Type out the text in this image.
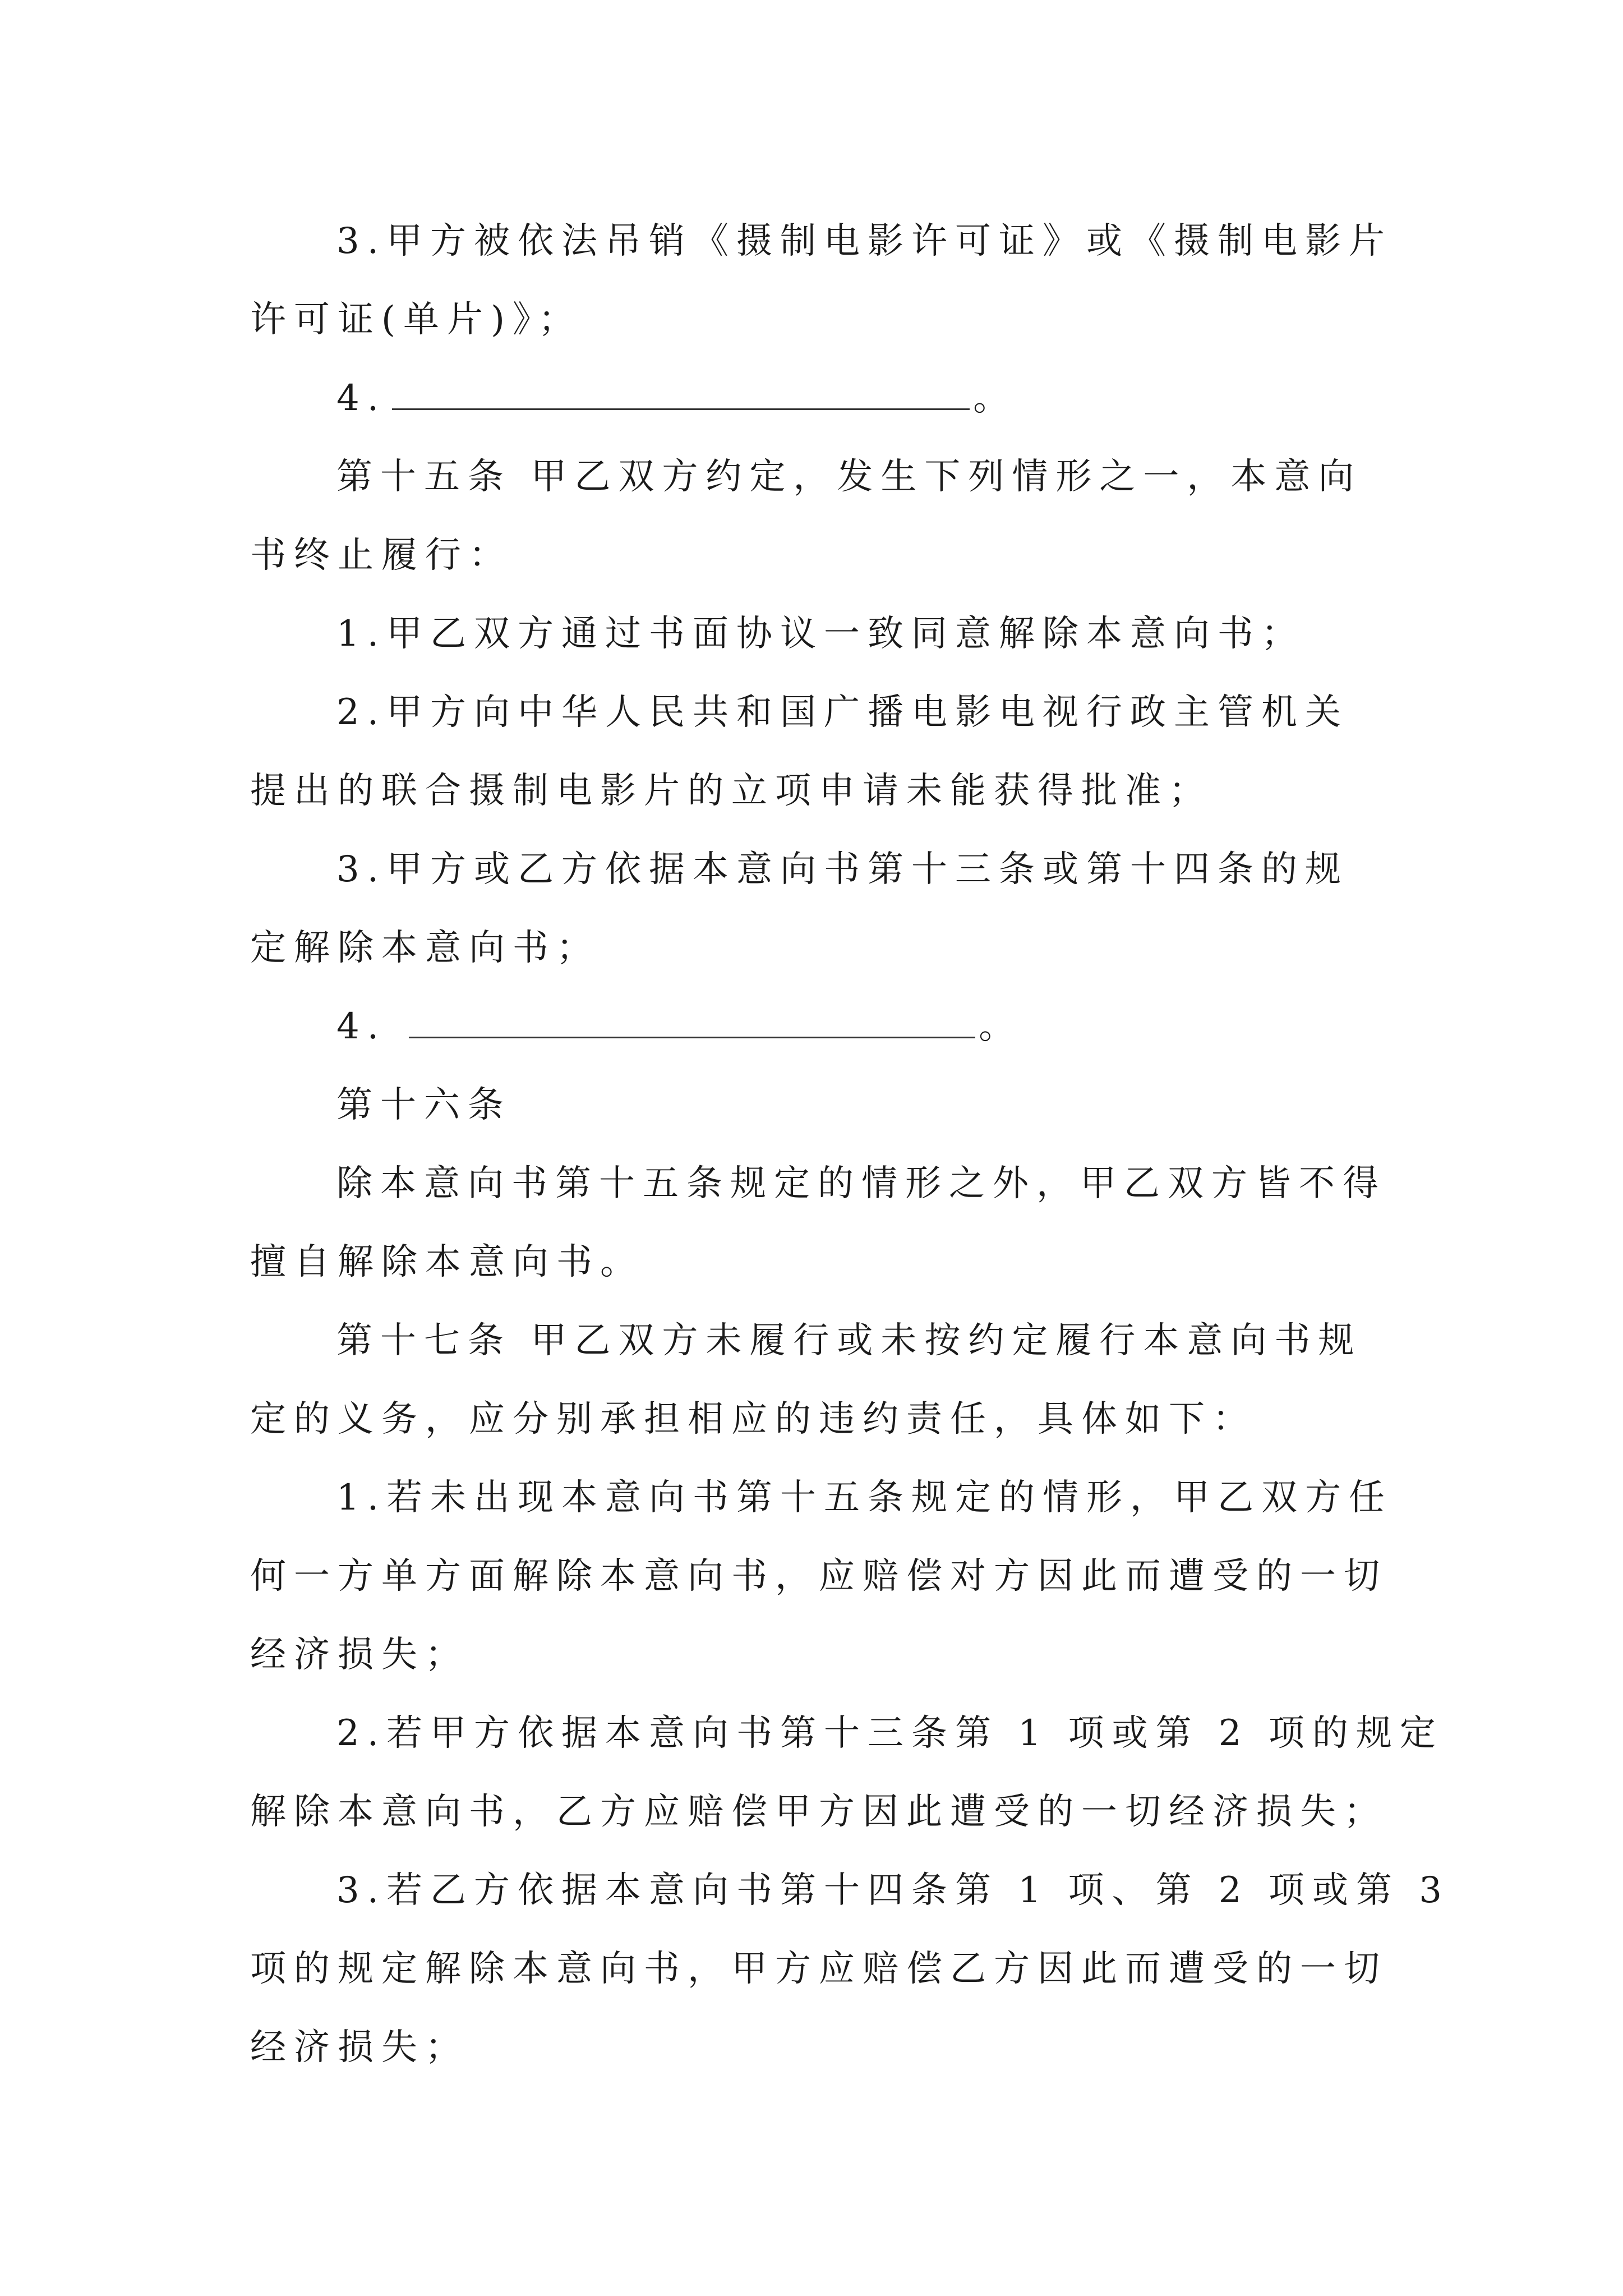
3.甲方被依法吊销《摄制电影许可证》或《摄制电影片
许可证(单片)》；
4.	。
第十五条 甲乙双方约定，发生下列情形之一，本意向
书终止履行：
1.甲乙双方通过书面协议一致同意解除本意向书；
2.甲方向中华人民共和国广播电影电视行政主管机关
提出的联合摄制电影片的立项申请未能获得批准；
3.甲方或乙方依据本意向书第十三条或第十四条的规
定解除本意向书；
4.	。
第十六条
除本意向书第十五条规定的情形之外，甲乙双方皆不得
擅自解除本意向书。
第十七条 甲乙双方未履行或未按约定履行本意向书规
定的义务，应分别承担相应的违约责任，具体如下：
1.若未出现本意向书第十五条规定的情形，甲乙双方任
何一方单方面解除本意向书，应赔偿对方因此而遭受的一切
经济损失；
2.若甲方依据本意向书第十三条第 1 项或第 2 项的规定
解除本意向书，乙方应赔偿甲方因此遭受的一切经济损失；
3.若乙方依据本意向书第十四条第 1 项、第 2 项或第 3
项的规定解除本意向书，甲方应赔偿乙方因此而遭受的一切
经济损失；
